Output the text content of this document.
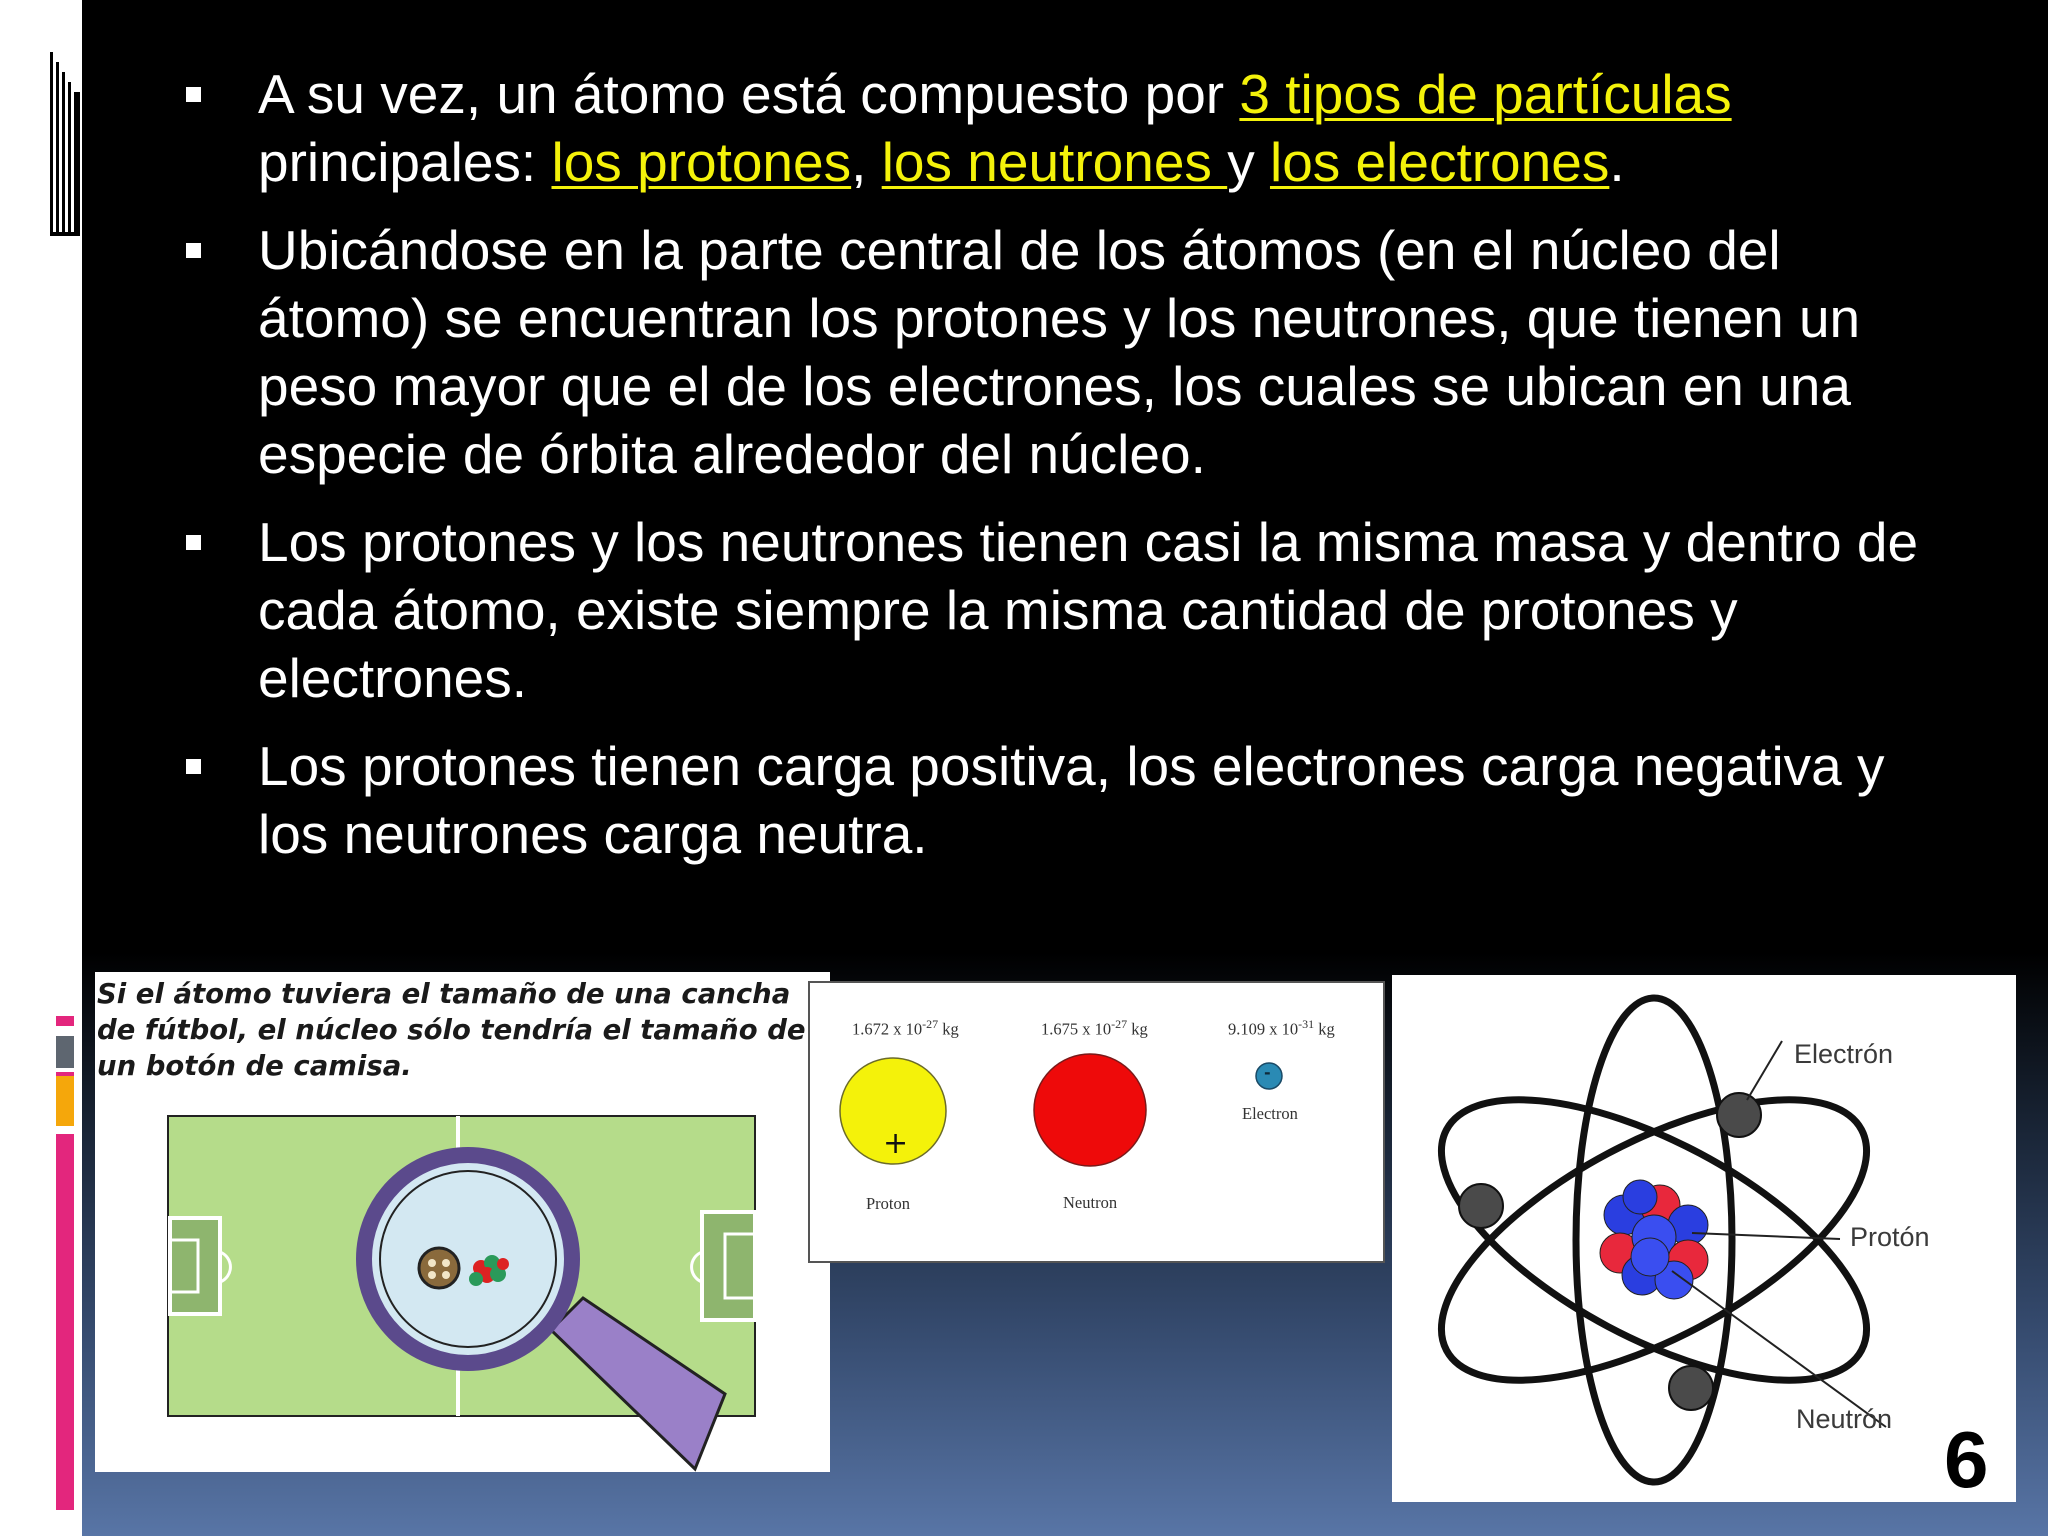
A su vez, un átomo está compuesto por 3 tipos de partículas principales: los protones, los neutrones y los electrones.
Ubicándose en la parte central de los átomos (en el núcleo del átomo) se encuentran los protones y los neutrones, que tienen un peso mayor que el de los electrones, los cuales se ubican en una especie de órbita alrededor del núcleo.
Los protones y los neutrones tienen casi la misma masa y dentro de cada átomo, existe siempre la misma cantidad de protones y electrones.
Los protones tienen carga positiva, los electrones carga negativa y los neutrones carga neutra.
Si el átomo tuviera el tamaño de una cancha de fútbol, el núcleo sólo tendría el tamaño de un botón de camisa.
1.672 x $10^{-27}$ kg	1.675 x $10^{-27}$ kg	9.109 x $10^{-31}$ kg
+
-
Proton	Neutron
Electron
Electrón
Protón
Neutrón 6
